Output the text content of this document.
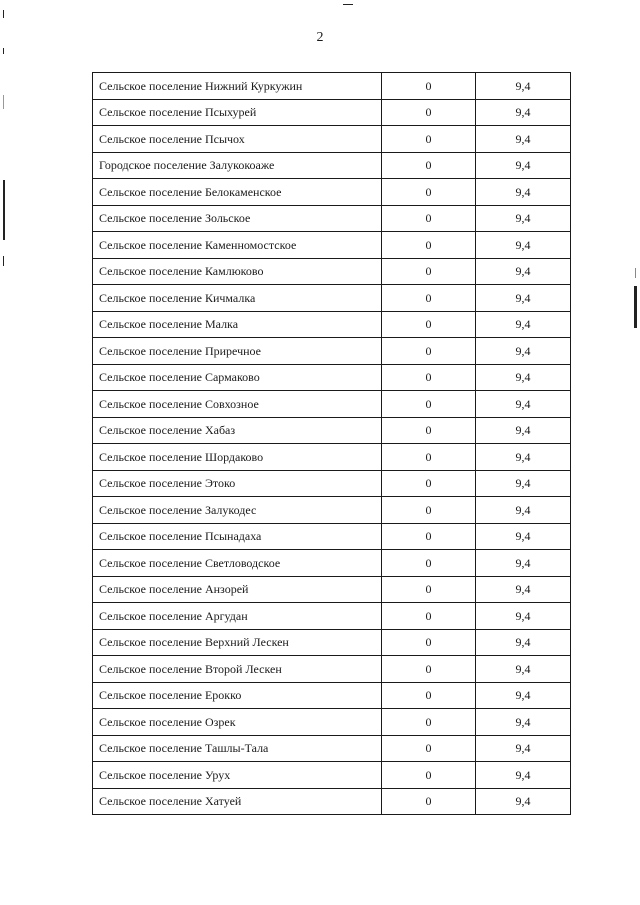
2
Сельское поселение Нижний Куркужин	0	9,4
Сельское поселение Псыхурей	0	9,4
Сельское поселение Псычох	0	9,4
Городское поселение Залукокоаже	0	9,4
Сельское поселение Белокаменское	0	9,4
Сельское поселение Зольское	0	9,4
Сельское поселение Каменномостское	0	9,4
Сельское поселение Камлюково	0	9,4
Сельское поселение Кичмалка	0	9,4
Сельское поселение Малка	0	9,4
Сельское поселение Приречное	0	9,4
Сельское поселение Сармаково	0	9,4
Сельское поселение Совхозное	0	9,4
Сельское поселение Хабаз	0	9,4
Сельское поселение Шордаково	0	9,4
Сельское поселение Этоко	0	9,4
Сельское поселение Залукодес	0	9,4
Сельское поселение Псынадаха	0	9,4
Сельское поселение Светловодское	0	9,4
Сельское поселение Анзорей	0	9,4
Сельское поселение Аргудан	0	9,4
Сельское поселение Верхний Лескен	0	9,4
Сельское поселение Второй Лескен	0	9,4
Сельское поселение Ерокко	0	9,4
Сельское поселение Озрек	0	9,4
Сельское поселение Ташлы-Тала	0	9,4
Сельское поселение Урух	0	9,4
Сельское поселение Хатуей	0	9,4
